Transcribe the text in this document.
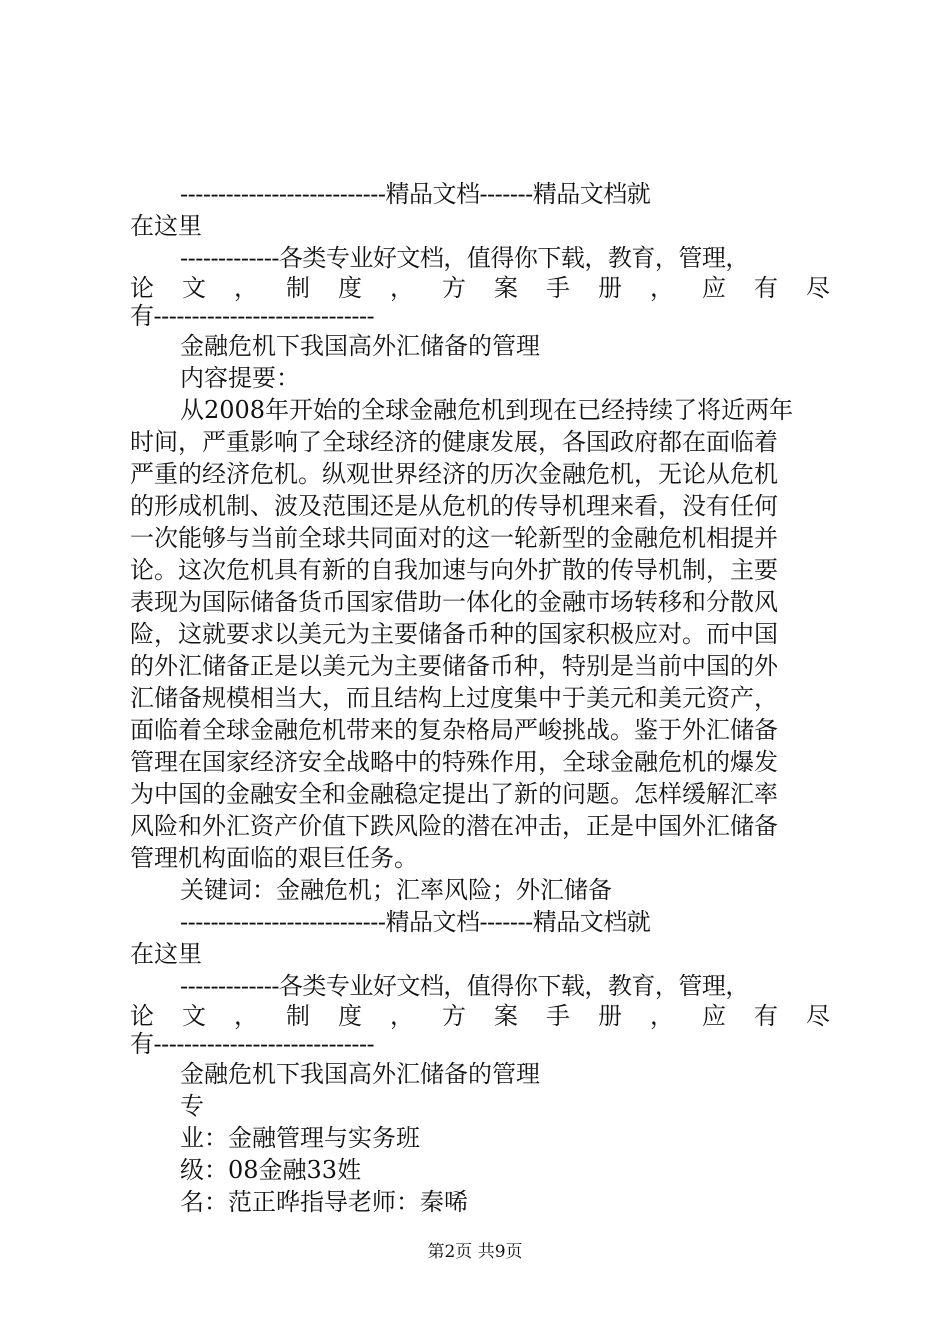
---------------------------精品文档-------精品文档就
在这里
-------------各类专业好文档，值得你下载，教育，管理，
论 文 ， 制 度 ， 方 案 手 册 ， 应 有 尽
有-----------------------------
金融危机下我国高外汇储备的管理
内容提要：
从2008年开始的全球金融危机到现在已经持续了将近两年
时间，严重影响了全球经济的健康发展，各国政府都在面临着
严重的经济危机。纵观世界经济的历次金融危机，无论从危机
的形成机制、波及范围还是从危机的传导机理来看，没有任何
一次能够与当前全球共同面对的这一轮新型的金融危机相提并
论。这次危机具有新的自我加速与向外扩散的传导机制，主要
表现为国际储备货币国家借助一体化的金融市场转移和分散风
险，这就要求以美元为主要储备币种的国家积极应对。而中国
的外汇储备正是以美元为主要储备币种，特别是当前中国的外
汇储备规模相当大，而且结构上过度集中于美元和美元资产，
面临着全球金融危机带来的复杂格局严峻挑战。鉴于外汇储备
管理在国家经济安全战略中的特殊作用，全球金融危机的爆发
为中国的金融安全和金融稳定提出了新的问题。怎样缓解汇率
风险和外汇资产价值下跌风险的潜在冲击，正是中国外汇储备
管理机构面临的艰巨任务。
关键词：金融危机；汇率风险；外汇储备
---------------------------精品文档-------精品文档就
在这里
-------------各类专业好文档，值得你下载，教育，管理，
论 文 ， 制 度 ， 方 案 手 册 ， 应 有 尽
有-----------------------------
金融危机下我国高外汇储备的管理
专
业：金融管理与实务班
级：08金融33姓
名：范正晔指导老师：秦唏
第2页 共9页
